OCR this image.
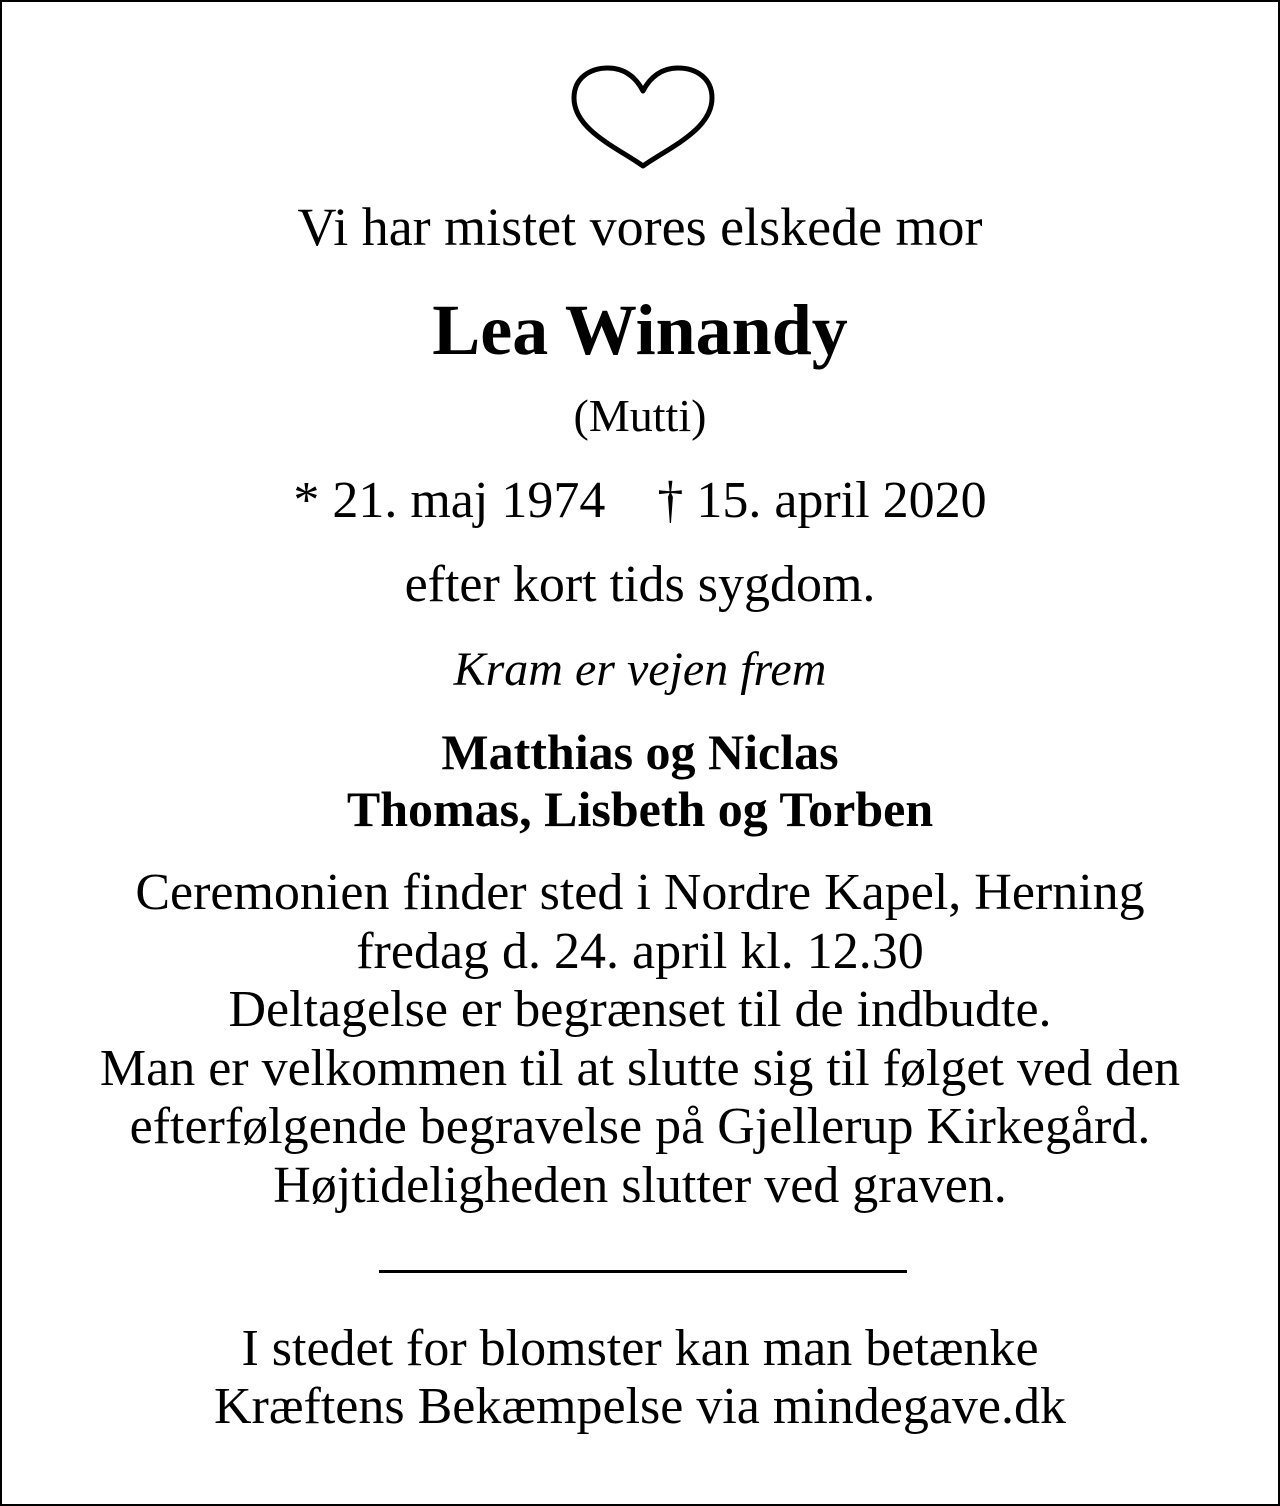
Vi har mistet vores elskede mor
Lea Winandy
(Mutti)
* 21. maj 1974 † 15. april 2020
efter kort tids sygdom.
Kram er vejen frem
Matthias og Niclas
Thomas, Lisbeth og Torben
Ceremonien finder sted i Nordre Kapel, Herning
fredag d. 24. april kl. 12.30
Deltagelse er begrænset til de indbudte.
Man er velkommen til at slutte sig til følget ved den
efterfølgende begravelse på Gjellerup Kirkegård.
Højtideligheden slutter ved graven.
I stedet for blomster kan man betænke
Kræftens Bekæmpelse via mindegave.dk
